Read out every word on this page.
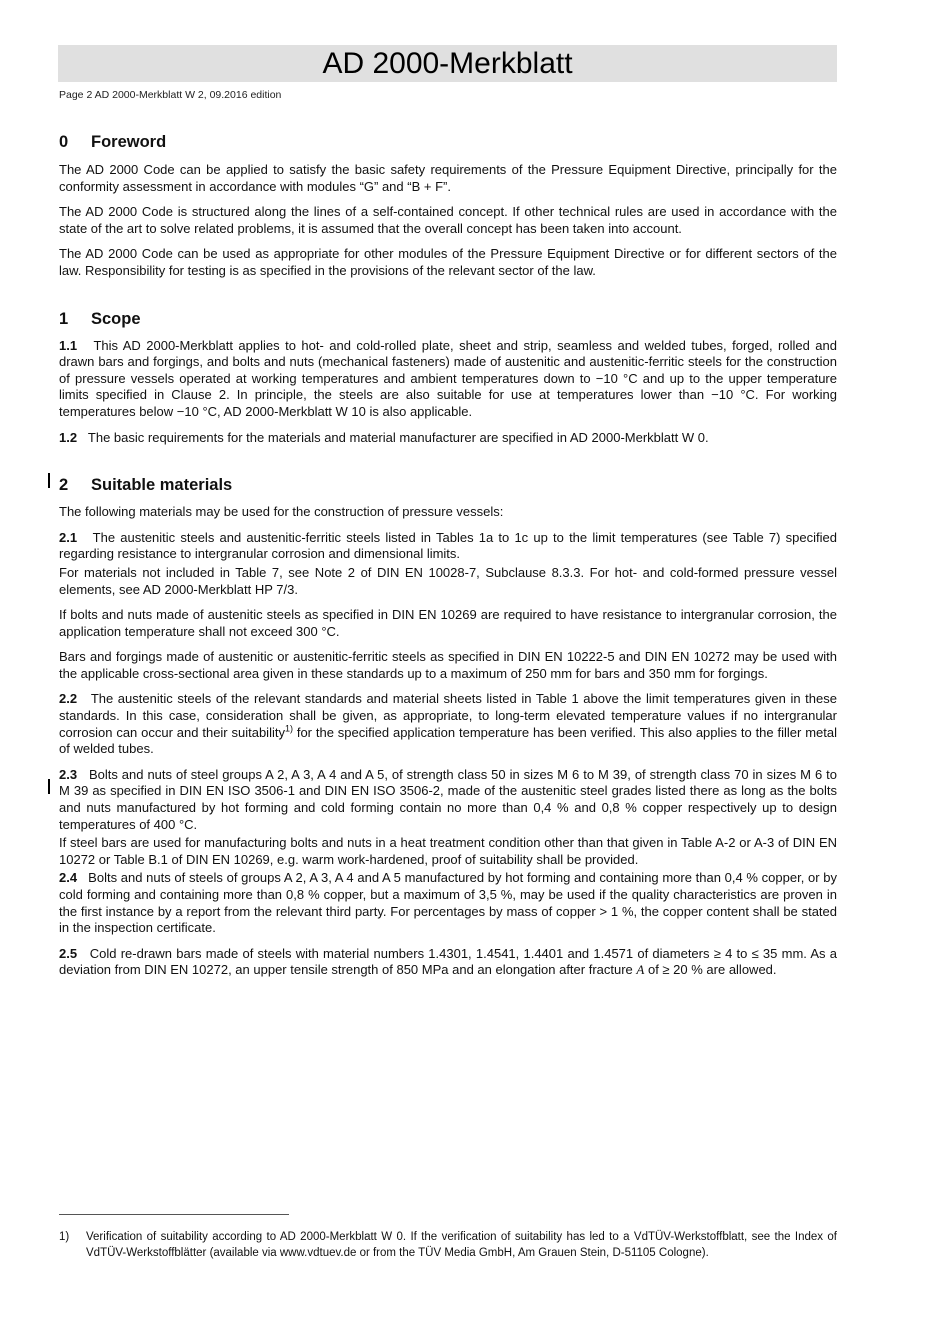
AD 2000-Merkblatt
Page 2 AD 2000-Merkblatt W 2, 09.2016 edition
0 Foreword

The AD 2000 Code can be applied to satisfy the basic safety requirements of the Pressure Equipment Directive, principally for the conformity assessment in accordance with modules “G” and “B + F”.

The AD 2000 Code is structured along the lines of a self-contained concept. If other technical rules are used in accordance with the state of the art to solve related problems, it is assumed that the overall concept has been taken into account.

The AD 2000 Code can be used as appropriate for other modules of the Pressure Equipment Directive or for different sectors of the law. Responsibility for testing is as specified in the provisions of the relevant sector of the law.

1 Scope

1.1 This AD 2000-Merkblatt applies to hot- and cold-rolled plate, sheet and strip, seamless and welded tubes, forged, rolled and drawn bars and forgings, and bolts and nuts (mechanical fasteners) made of austenitic and austenitic-ferritic steels for the construction of pressure vessels operated at working temperatures and ambient temperatures down to −10 °C and up to the upper temperature limits specified in Clause 2. In principle, the steels are also suitable for use at temperatures lower than −10 °C. For working temperatures below −10 °C, AD 2000-Merkblatt W 10 is also applicable.

1.2 The basic requirements for the materials and material manufacturer are specified in AD 2000-Merkblatt W 0.

2 Suitable materials

The following materials may be used for the construction of pressure vessels:

2.1 The austenitic steels and austenitic-ferritic steels listed in Tables 1a to 1c up to the limit temperatures (see Table 7) specified regarding resistance to intergranular corrosion and dimensional limits.

For materials not included in Table 7, see Note 2 of DIN EN 10028-7, Subclause 8.3.3. For hot- and cold-formed pressure vessel elements, see AD 2000-Merkblatt HP 7/3.

If bolts and nuts made of austenitic steels as specified in DIN EN 10269 are required to have resistance to intergranular corrosion, the application temperature shall not exceed 300 °C.

Bars and forgings made of austenitic or austenitic-ferritic steels as specified in DIN EN 10222-5 and DIN EN 10272 may be used with the applicable cross-sectional area given in these standards up to a maximum of 250 mm for bars and 350 mm for forgings.

2.2 The austenitic steels of the relevant standards and material sheets listed in Table 1 above the limit temperatures given in these standards. In this case, consideration shall be given, as appropriate, to long-term elevated temperature values if no intergranular corrosion can occur and their suitability$^{1)}$ for the specified application temperature has been verified. This also applies to the filler metal of welded tubes.

2.3 Bolts and nuts of steel groups A 2, A 3, A 4 and A 5, of strength class 50 in sizes M 6 to M 39, of strength class 70 in sizes M 6 to M 39 as specified in DIN EN ISO 3506-1 and DIN EN ISO 3506-2, made of the austenitic steel grades listed there as long as the bolts and nuts manufactured by hot forming and cold forming contain no more than 0,4 % and 0,8 % copper respectively up to design temperatures of 400 °C.

If steel bars are used for manufacturing bolts and nuts in a heat treatment condition other than that given in Table A-2 or A-3 of DIN EN 10272 or Table B.1 of DIN EN 10269, e.g. warm work-hardened, proof of suitability shall be provided.

2.4 Bolts and nuts of steels of groups A 2, A 3, A 4 and A 5 manufactured by hot forming and containing more than 0,4 % copper, or by cold forming and containing more than 0,8 % copper, but a maximum of 3,5 %, may be used if the quality characteristics are proven in the first instance by a report from the relevant third party. For percentages by mass of copper > 1 %, the copper content shall be stated in the inspection certificate.

2.5 Cold re-drawn bars made of steels with material numbers 1.4301, 1.4541, 1.4401 and 1.4571 of diameters ≥ 4 to ≤ 35 mm. As a deviation from DIN EN 10272, an upper tensile strength of 850 MPa and an elongation after fracture A of ≥ 20 % are allowed.

1) Verification of suitability according to AD 2000-Merkblatt W 0. If the verification of suitability has led to a VdTÜV-Werkstoffblatt, see the Index of VdTÜV-Werkstoffblätter (available via www.vdtuev.de or from the TÜV Media GmbH, Am Grauen Stein, D-51105 Cologne).
